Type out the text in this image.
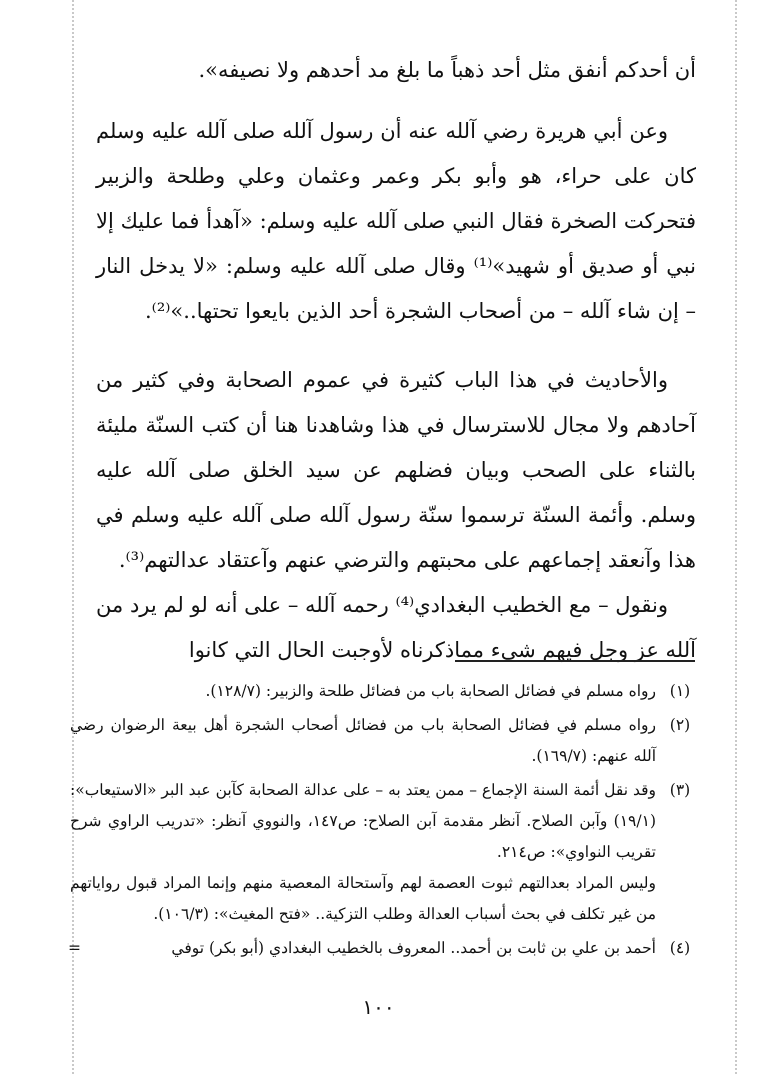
أن أحدكم أنفق مثل أحد ذهباً ما بلغ مد أحدهم ولا نصيفه».

وعن أبي هريرة رضي آلله عنه أن رسول آلله صلى آلله عليه وسلم كان على حراء، هو وأبو بكر وعمر وعثمان وعلي وطلحة والزبير فتحركت الصخرة فقال النبي صلى آلله عليه وسلم: «آهدأ فما عليك إلا نبي أو صديق أو شهيد»⁽¹⁾ وقال صلى آلله عليه وسلم: «لا يدخل النار – إن شاء آلله – من أصحاب الشجرة أحد الذين بايعوا تحتها..»⁽²⁾.

والأحاديث في هذا الباب كثيرة في عموم الصحابة وفي كثير من آحادهم ولا مجال للاسترسال في هذا وشاهدنا هنا أن كتب السنّة مليئة بالثناء على الصحب وبيان فضلهم عن سيد الخلق صلى آلله عليه وسلم. وأئمة السنّة ترسموا سنّة رسول آلله صلى آلله عليه وسلم في هذا وآنعقد إجماعهم على محبتهم والترضي عنهم وآعتقاد عدالتهم⁽³⁾.

ونقول – مع الخطيب البغدادي⁽⁴⁾ رحمه آلله – على أنه لو لم يرد من آلله عز وجل فيهم شيء مماذكرناه لأوجبت الحال التي كانوا

(١)

رواه مسلم في فضائل الصحابة باب من فضائل طلحة والزبير: (١٢٨/٧).

(٢)

رواه مسلم في فضائل الصحابة باب من فضائل أصحاب الشجرة أهل بيعة الرضوان رضي آلله عنهم: (١٦٩/٧).

(٣)

وقد نقل أئمة السنة الإجماع – ممن يعتد به – على عدالة الصحابة كآبن عبد البر «الاستيعاب»: (١٩/١) وآبن الصلاح. آنظر مقدمة آبن الصلاح: ص١٤٧، والنووي آنظر: «تدريب الراوي شرح تقريب النواوي»: ص٢١٤.

وليس المراد بعدالتهم ثبوت العصمة لهم وآستحالة المعصية منهم وإنما المراد قبول رواياتهم من غير تكلف في بحث أسباب العدالة وطلب التزكية.. «فتح المغيث»: (١٠٦/٣).

(٤)

أحمد بن علي بن ثابت بن أحمد.. المعروف بالخطيب البغدادي (أبو بكر) توفي

=
١٠٠
